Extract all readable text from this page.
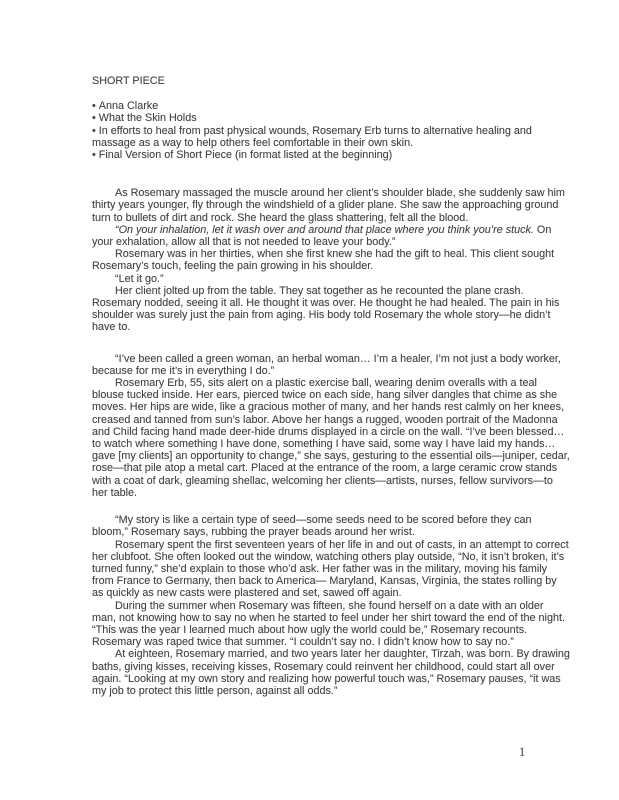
SHORT PIECE
• Anna Clarke
• What the Skin Holds
• In efforts to heal from past physical wounds, Rosemary Erb turns to alternative healing and massage as a way to help others feel comfortable in their own skin.
• Final Version of Short Piece (in format listed at the beginning)

As Rosemary massaged the muscle around her client’s shoulder blade, she suddenly saw him thirty years younger, fly through the windshield of a glider plane. She saw the approaching ground turn to bullets of dirt and rock. She heard the glass shattering, felt all the blood.

“On your inhalation, let it wash over and around that place where you think you’re stuck. On your exhalation, allow all that is not needed to leave your body.”

Rosemary was in her thirties, when she first knew she had the gift to heal. This client sought Rosemary’s touch, feeling the pain growing in his shoulder.

“Let it go.”

Her client jolted up from the table. They sat together as he recounted the plane crash. Rosemary nodded, seeing it all. He thought it was over. He thought he had healed. The pain in his shoulder was surely just the pain from aging. His body told Rosemary the whole story—he didn’t have to.

“I’ve been called a green woman, an herbal woman… I’m a healer, I’m not just a body worker, because for me it’s in everything I do.”

Rosemary Erb, 55, sits alert on a plastic exercise ball, wearing denim overalls with a teal blouse tucked inside. Her ears, pierced twice on each side, hang silver dangles that chime as she moves. Her hips are wide, like a gracious mother of many, and her hands rest calmly on her knees, creased and tanned from sun’s labor. Above her hangs a rugged, wooden portrait of the Madonna and Child facing hand made deer-hide drums displayed in a circle on the wall. “I’ve been blessed…to watch where something I have done, something I have said, some way I have laid my hands… gave [my clients] an opportunity to change,” she says, gesturing to the essential oils—juniper, cedar, rose—that pile atop a metal cart. Placed at the entrance of the room, a large ceramic crow stands with a coat of dark, gleaming shellac, welcoming her clients—artists, nurses, fellow survivors—to her table.

“My story is like a certain type of seed—some seeds need to be scored before they can bloom,” Rosemary says, rubbing the prayer beads around her wrist.

Rosemary spent the first seventeen years of her life in and out of casts, in an attempt to correct her clubfoot. She often looked out the window, watching others play outside, “No, it isn’t broken, it’s turned funny,” she’d explain to those who’d ask. Her father was in the military, moving his family from France to Germany, then back to America— Maryland, Kansas, Virginia, the states rolling by as quickly as new casts were plastered and set, sawed off again.

During the summer when Rosemary was fifteen, she found herself on a date with an older man, not knowing how to say no when he started to feel under her shirt toward the end of the night. “This was the year I learned much about how ugly the world could be,” Rosemary recounts. Rosemary was raped twice that summer. “I couldn’t say no. I didn’t know how to say no.”

At eighteen, Rosemary married, and two years later her daughter, Tirzah, was born. By drawing baths, giving kisses, receiving kisses, Rosemary could reinvent her childhood, could start all over again. “Looking at my own story and realizing how powerful touch was,” Rosemary pauses, “it was my job to protect this little person, against all odds.”

1
